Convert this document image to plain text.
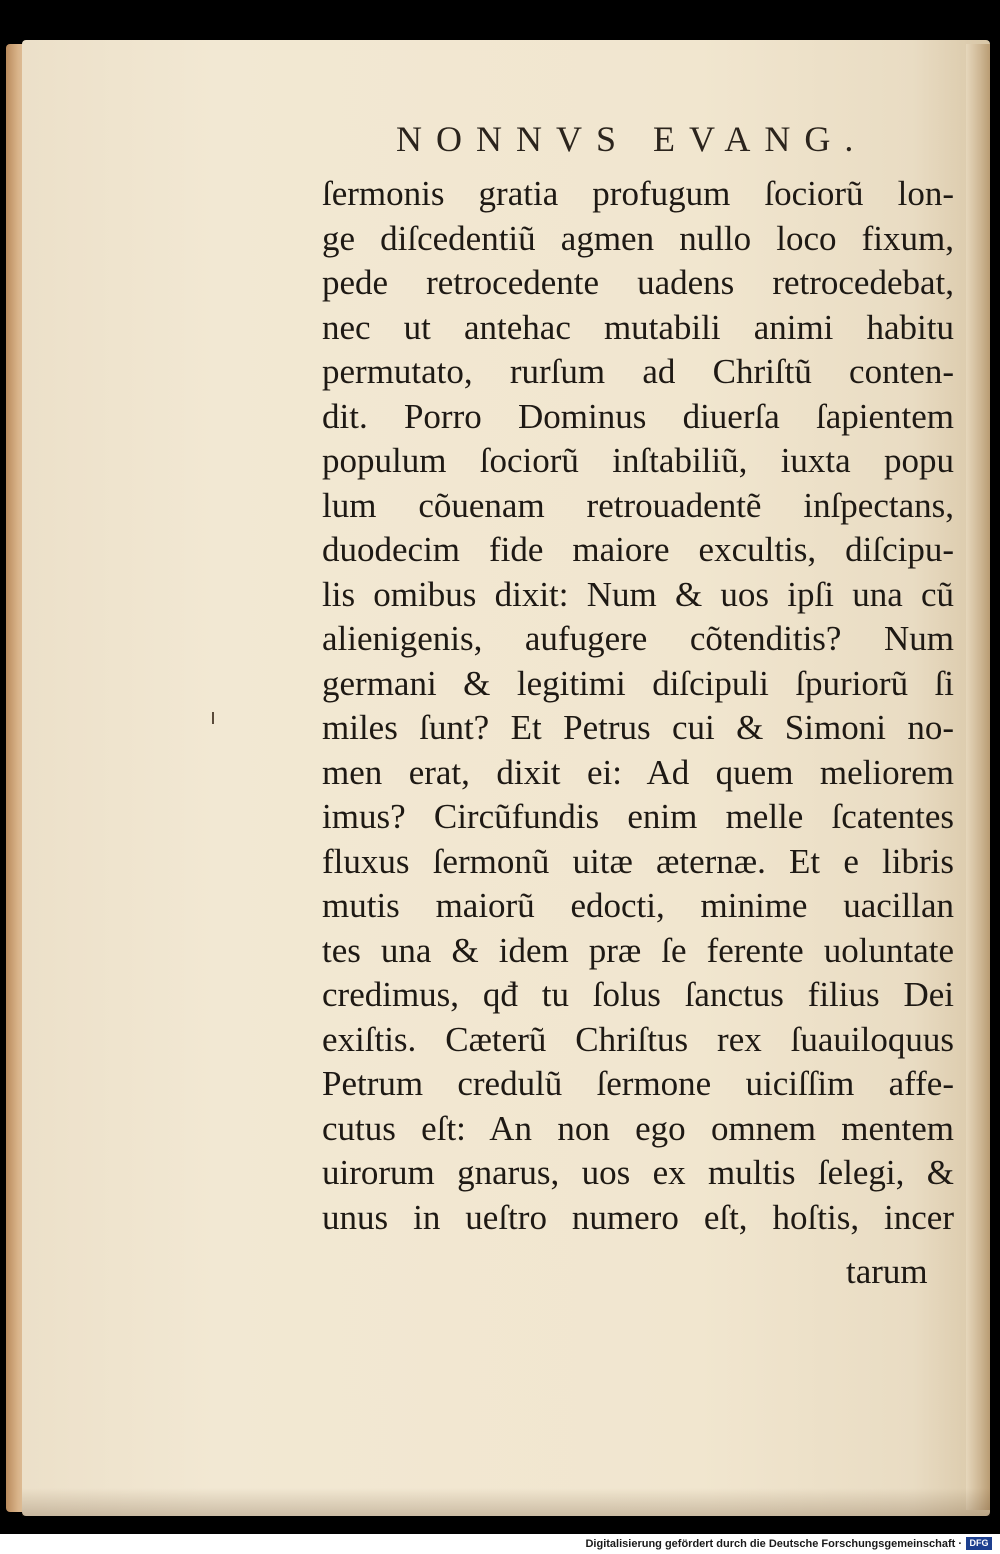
NONNVS EVANG.
ſermonis gratia profugum ſociorũ lon-
ge diſcedentiũ agmen nullo loco fixum,
pede retrocedente uadens retrocedebat,
nec ut antehac mutabili animi habitu
permutato, rurſum ad Chriſtũ conten-
dit. Porro Dominus diuerſa ſapientem
populum ſociorũ inſtabiliũ, iuxta popu
lum cõuenam retrouadentẽ inſpectans,
duodecim fide maiore excultis, diſcipu-
lis omibus dixit: Num & uos ipſi una cũ
alienigenis, aufugere cõtenditis? Num
germani & legitimi diſcipuli ſpuriorũ ſi
miles ſunt? Et Petrus cui & Simoni no-
men erat, dixit ei: Ad quem meliorem
imus? Circũfundis enim melle ſcatentes
fluxus ſermonũ uitæ æternæ. Et e libris
mutis maiorũ edocti, minime uacillan
tes una & idem præ ſe ferente uoluntate
credimus, qđ tu ſolus ſanctus filius Dei
exiſtis. Cæterũ Chriſtus rex ſuauiloquus
Petrum credulũ ſermone uiciſſim affe-
cutus eſt: An non ego omnem mentem
uirorum gnarus, uos ex multis ſelegi, &
unus in ueſtro numero eſt, hoſtis, incer
tarum
Digitalisierung gefördert durch die Deutsche Forschungsgemeinschaft · DFG
